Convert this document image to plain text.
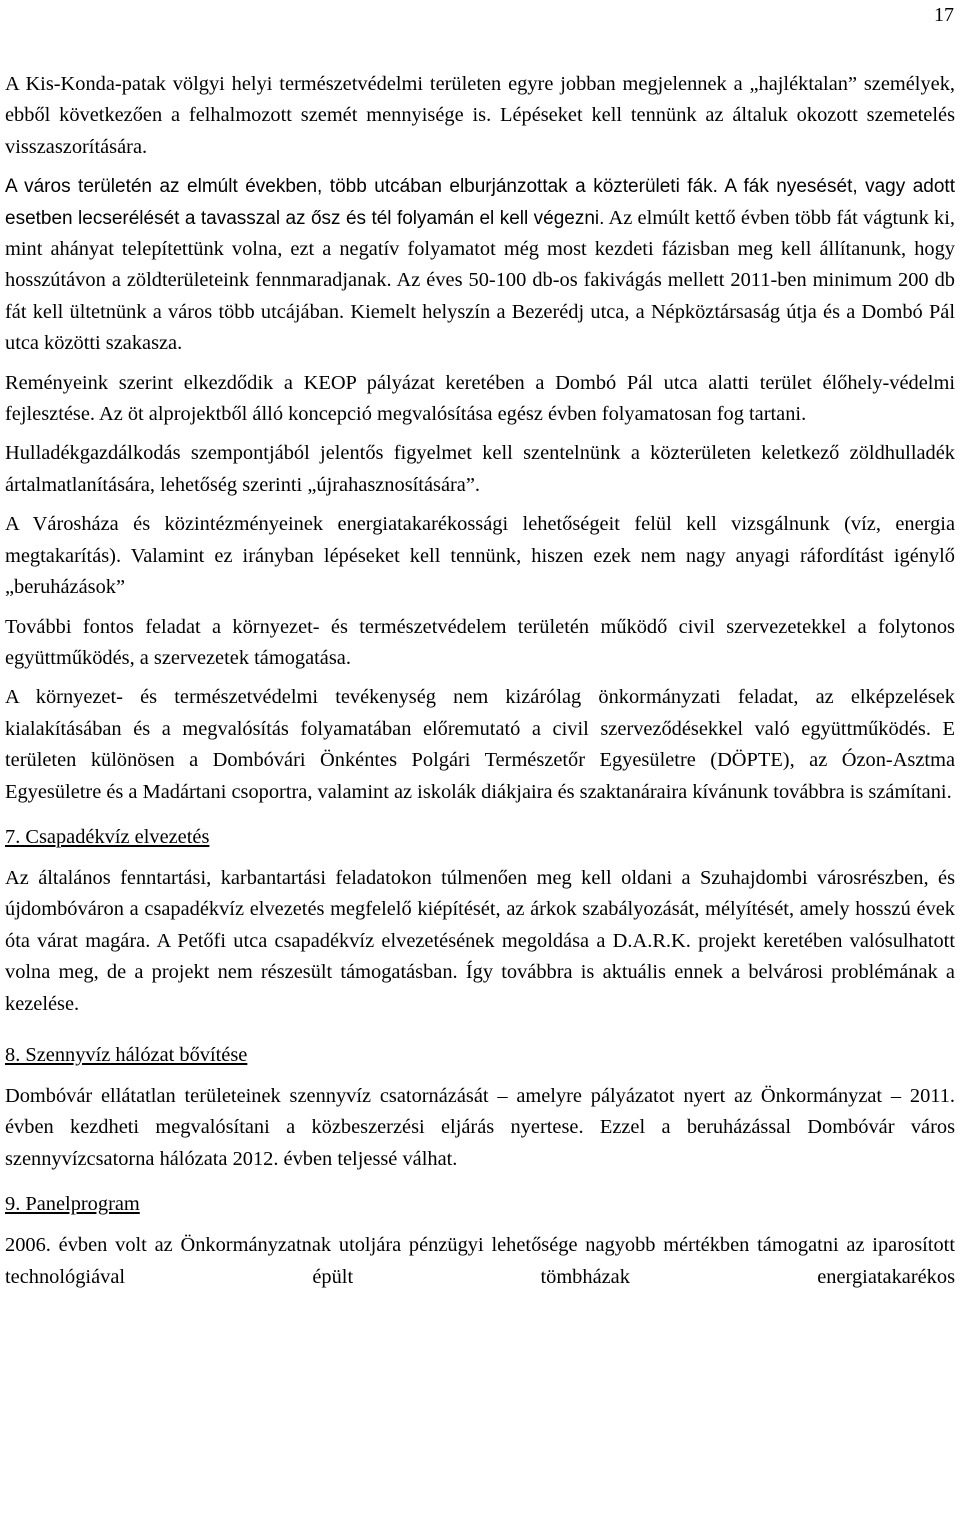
17

A Kis-Konda-patak völgyi helyi természetvédelmi területen egyre jobban megjelennek a „hajléktalan” személyek, ebből következően a felhalmozott szemét mennyisége is. Lépéseket kell tennünk az általuk okozott szemetelés visszaszorítására.

A város területén az elmúlt években, több utcában elburjánzottak a közterületi fák. A fák nyesését, vagy adott esetben lecserélését a tavasszal az ősz és tél folyamán el kell végezni. Az elmúlt kettő évben több fát vágtunk ki, mint ahányat telepítettünk volna, ezt a negatív folyamatot még most kezdeti fázisban meg kell állítanunk, hogy hosszútávon a zöldterületeink fennmaradjanak. Az éves 50-100 db-os fakivágás mellett 2011-ben minimum 200 db fát kell ültetnünk a város több utcájában. Kiemelt helyszín a Bezerédj utca, a Népköztársaság útja és a Dombó Pál utca közötti szakasza.

Reményeink szerint elkezdődik a KEOP pályázat keretében a Dombó Pál utca alatti terület élőhely-védelmi fejlesztése. Az öt alprojektből álló koncepció megvalósítása egész évben folyamatosan fog tartani.

Hulladékgazdálkodás szempontjából jelentős figyelmet kell szentelnünk a közterületen keletkező zöldhulladék ártalmatlanítására, lehetőség szerinti „újrahasznosítására”.

A Városháza és közintézményeinek energiatakarékossági lehetőségeit felül kell vizsgálnunk (víz, energia megtakarítás). Valamint ez irányban lépéseket kell tennünk, hiszen ezek nem nagy anyagi ráfordítást igénylő „beruházások”

További fontos feladat a környezet- és természetvédelem területén működő civil szervezetekkel a folytonos együttműködés, a szervezetek támogatása.

A környezet- és természetvédelmi tevékenység nem kizárólag önkormányzati feladat, az elképzelések kialakításában és a megvalósítás folyamatában előremutató a civil szerveződésekkel való együttműködés. E területen különösen a Dombóvári Önkéntes Polgári Természetőr Egyesületre (DÖPTE), az Ózon-Asztma Egyesületre és a Madártani csoportra, valamint az iskolák diákjaira és szaktanáraira kívánunk továbbra is számítani.

7. Csapadékvíz elvezetés

Az általános fenntartási, karbantartási feladatokon túlmenően meg kell oldani a Szuhajdombi városrészben, és újdombóváron a csapadékvíz elvezetés megfelelő kiépítését, az árkok szabályozását, mélyítését, amely hosszú évek óta várat magára. A Petőfi utca csapadékvíz elvezetésének megoldása a D.A.R.K. projekt keretében valósulhatott volna meg, de a projekt nem részesült támogatásban. Így továbbra is aktuális ennek a belvárosi problémának a kezelése.

8. Szennyvíz hálózat bővítése

Dombóvár ellátatlan területeinek szennyvíz csatornázását – amelyre pályázatot nyert az Önkormányzat – 2011. évben kezdheti megvalósítani a közbeszerzési eljárás nyertese. Ezzel a beruházással Dombóvár város szennyvízcsatorna hálózata 2012. évben teljessé válhat.

9. Panelprogram

2006. évben volt az Önkormányzatnak utoljára pénzügyi lehetősége nagyobb mértékben támogatni az iparosított technológiával épült tömbházak energiatakarékos
